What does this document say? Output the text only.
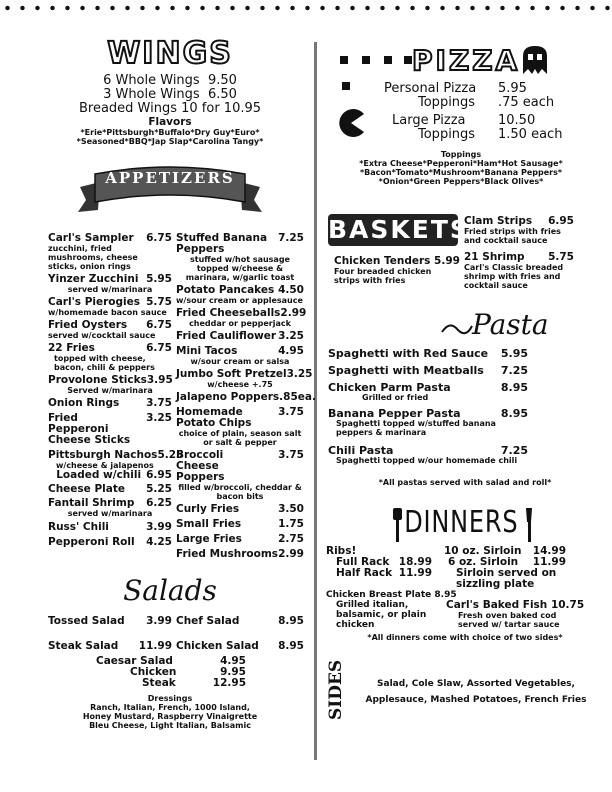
WINGS
6 Whole Wings 9.50
3 Whole Wings 6.50
Breaded Wings 10 for 10.95
Flavors
*Erie*Pittsburgh*Buffalo*Dry Guy*Euro*
*Seasoned*BBQ*Jap Slap*Carolina Tangy*
APPETIZERS
Carl's Sampler 6.75
zucchini, fried mushrooms, cheese sticks, onion rings
Yinzer Zucchini 5.95
served w/marinara
Carl's Pierogies 5.75
w/homemade bacon sauce
Fried Oysters 6.75
served w/cocktail sauce
22 Fries	6.75
topped with cheese, bacon, chili & peppers
Provolone Sticks 3.95
Served w/marinara
Onion Rings	3.75
Fried Pepperoni Cheese Sticks
3.25
Pittsburgh Nachos 5.25
w/cheese & jalapenos
Loaded w/chili 6.95
Cheese Plate 5.25
Fantail Shrimp 6.25
served w/marinara
Russ' Chili	3.99
Pepperoni Roll 4.25
Stuffed Banana Peppers
7.25
stuffed w/hot sausage topped w/cheese & marinara, w/garlic toast
Potato Pancakes 4.50
w/sour cream or applesauce
Fried Cheeseballs 2.99
cheddar or pepperjack
Fried Cauliflower 3.25
Mini Tacos	4.95
w/sour cream or salsa
Jumbo Soft Pretzel 3.25
w/cheese +.75
Jalapeno Poppers .85ea.
Homemade Potato Chips
3.75
choice of plain, season salt or salt & pepper
Broccoli Cheese Poppers
3.75
filled w/broccoli, cheddar & bacon bits
Curly Fries	3.50
Small Fries	1.75
Large Fries	2.75
Fried Mushrooms 2.99
Salads
Tossed Salad 3.99 Chef Salad	8.95
Steak Salad 11.99 Chicken Salad 8.95
Caesar Salad	4.95
Chicken	9.95
Steak	12.95
Dressings
Ranch, Italian, French, 1000 Island,
Honey Mustard, Raspberry Vinaigrette
Bleu Cheese, Light Italian, Balsamic
PIZZA
Personal Pizza	5.95
Toppings	.75 each
Large Pizza	10.50
Toppings	1.50 each
Toppings
*Extra Cheese*Pepperoni*Ham*Hot Sausage*
*Bacon*Tomato*Mushroom*Banana Peppers*
*Onion*Green Peppers*Black Olives*
BASKETS
Clam Strips 6.95
Fried strips with fries
and cocktail sauce
Chicken Tenders 5.99
Four breaded chicken
strips with fries
21 Shrimp 5.75
Carl's Classic breaded
shrimp with fries and
cocktail sauce
Pasta
Spaghetti with Red Sauce 5.95
Spaghetti with Meatballs 7.25
Chicken Parm Pasta	8.95
Grilled or fried
Banana Pepper Pasta	8.95
Spaghetti topped w/stuffed banana peppers & marinara
Chili Pasta	7.25
Spaghetti topped w/our homemade chili
*All pastas served with salad and roll*
DINNERS
Ribs!
Full Rack 18.99
Half Rack 11.99
10 oz. Sirloin 14.99
6 oz. Sirloin 11.99
Sirloin served on
sizzling plate
Chicken Breast Plate 8.95
Grilled italian,
balsamic, or plain
chicken
Carl's Baked Fish 10.75
Fresh oven baked cod
served w/ tartar sauce
*All dinners come with choice of two sides*
SIDES	Salad, Cole Slaw, Assorted Vegetables,
Applesauce, Mashed Potatoes, French Fries
